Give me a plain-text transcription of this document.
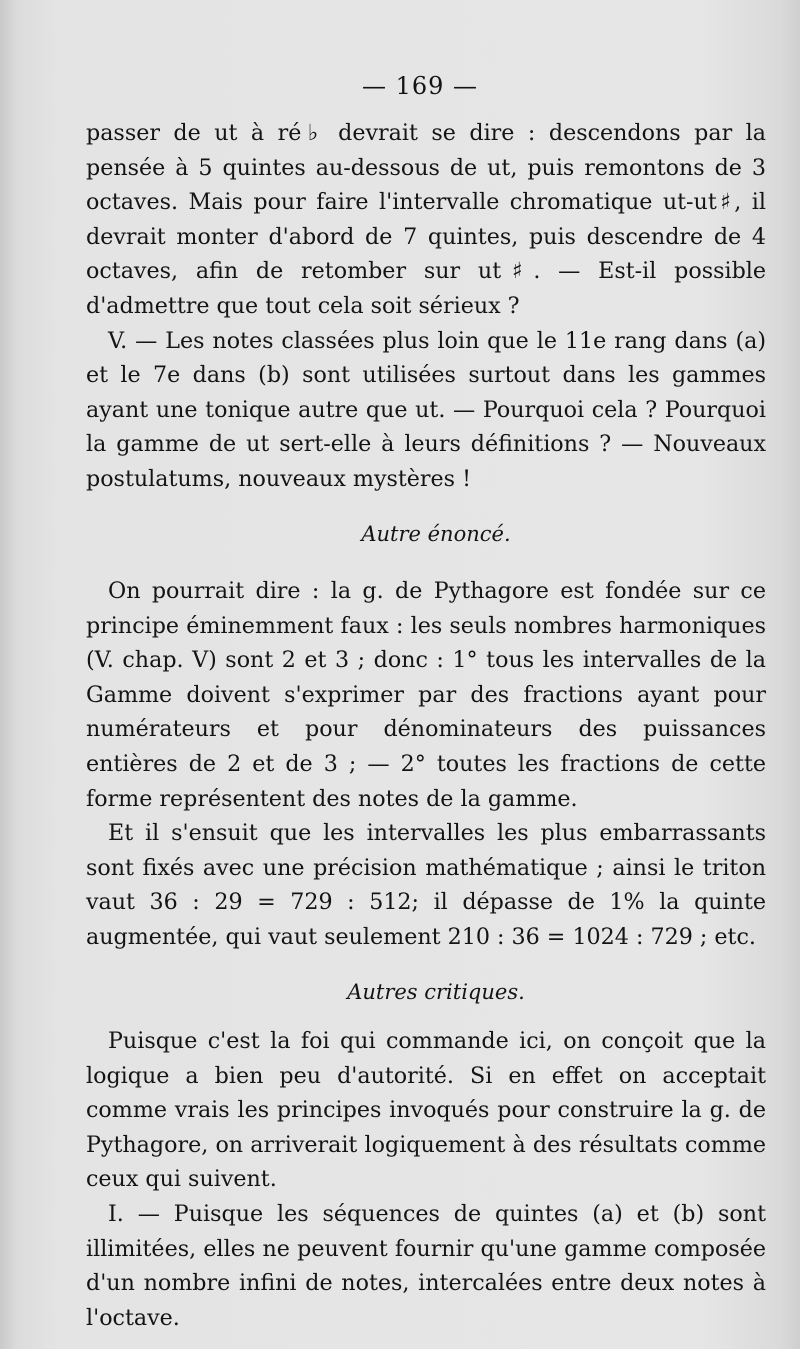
— 169 —

passer de ut à ré♭ devrait se dire : descendons par la pensée à 5 quintes au-dessous de ut, puis remontons de 3 octaves. Mais pour faire l'intervalle chromatique ut-ut♯, il devrait monter d'abord de 7 quintes, puis descendre de 4 octaves, afin de retomber sur ut♯. — Est-il possible d'admettre que tout cela soit sérieux ?

V. — Les notes classées plus loin que le 11e rang dans (a) et le 7e dans (b) sont utilisées surtout dans les gammes ayant une tonique autre que ut. — Pourquoi cela ? Pourquoi la gamme de ut sert-elle à leurs définitions ? — Nouveaux postulatums, nouveaux mystères !

Autre énoncé.

On pourrait dire : la g. de Pythagore est fondée sur ce principe éminemment faux : les seuls nombres harmoniques (V. chap. V) sont 2 et 3 ; donc : 1° tous les intervalles de la Gamme doivent s'exprimer par des fractions ayant pour numérateurs et pour dénominateurs des puissances entières de 2 et de 3 ; — 2° toutes les fractions de cette forme représentent des notes de la gamme.

Et il s'ensuit que les intervalles les plus embarrassants sont fixés avec une précision mathématique ; ainsi le triton vaut 36 : 29 = 729 : 512; il dépasse de 1% la quinte augmentée, qui vaut seulement 210 : 36 = 1024 : 729 ; etc.

Autres critiques.

Puisque c'est la foi qui commande ici, on conçoit que la logique a bien peu d'autorité. Si en effet on acceptait comme vrais les principes invoqués pour construire la g. de Pythagore, on arriverait logiquement à des résultats comme ceux qui suivent.

I. — Puisque les séquences de quintes (a) et (b) sont illimitées, elles ne peuvent fournir qu'une gamme composée d'un nombre infini de notes, intercalées entre deux notes à l'octave.
